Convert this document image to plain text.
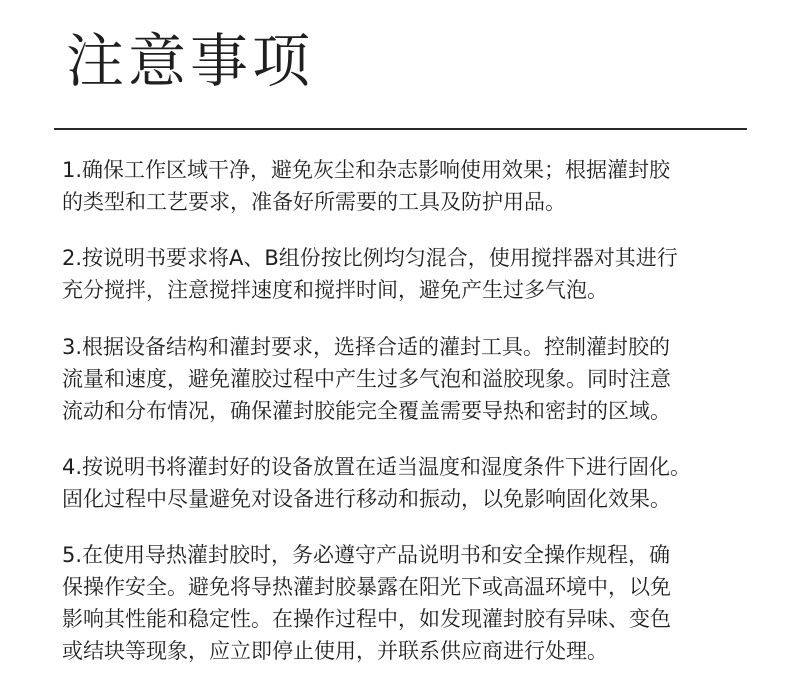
注意事项

1.确保工作区域干净，避免灰尘和杂志影响使用效果；根据灌封胶
的类型和工艺要求，准备好所需要的工具及防护用品。

2.按说明书要求将A、B组份按比例均匀混合，使用搅拌器对其进行
充分搅拌，注意搅拌速度和搅拌时间，避免产生过多气泡。

3.根据设备结构和灌封要求，选择合适的灌封工具。控制灌封胶的
流量和速度，避免灌胶过程中产生过多气泡和溢胶现象。同时注意
流动和分布情况，确保灌封胶能完全覆盖需要导热和密封的区域。

4.按说明书将灌封好的设备放置在适当温度和湿度条件下进行固化。
固化过程中尽量避免对设备进行移动和振动，以免影响固化效果。

5.在使用导热灌封胶时，务必遵守产品说明书和安全操作规程，确
保操作安全。避免将导热灌封胶暴露在阳光下或高温环境中，以免
影响其性能和稳定性。在操作过程中，如发现灌封胶有异味、变色
或结块等现象，应立即停止使用，并联系供应商进行处理。
